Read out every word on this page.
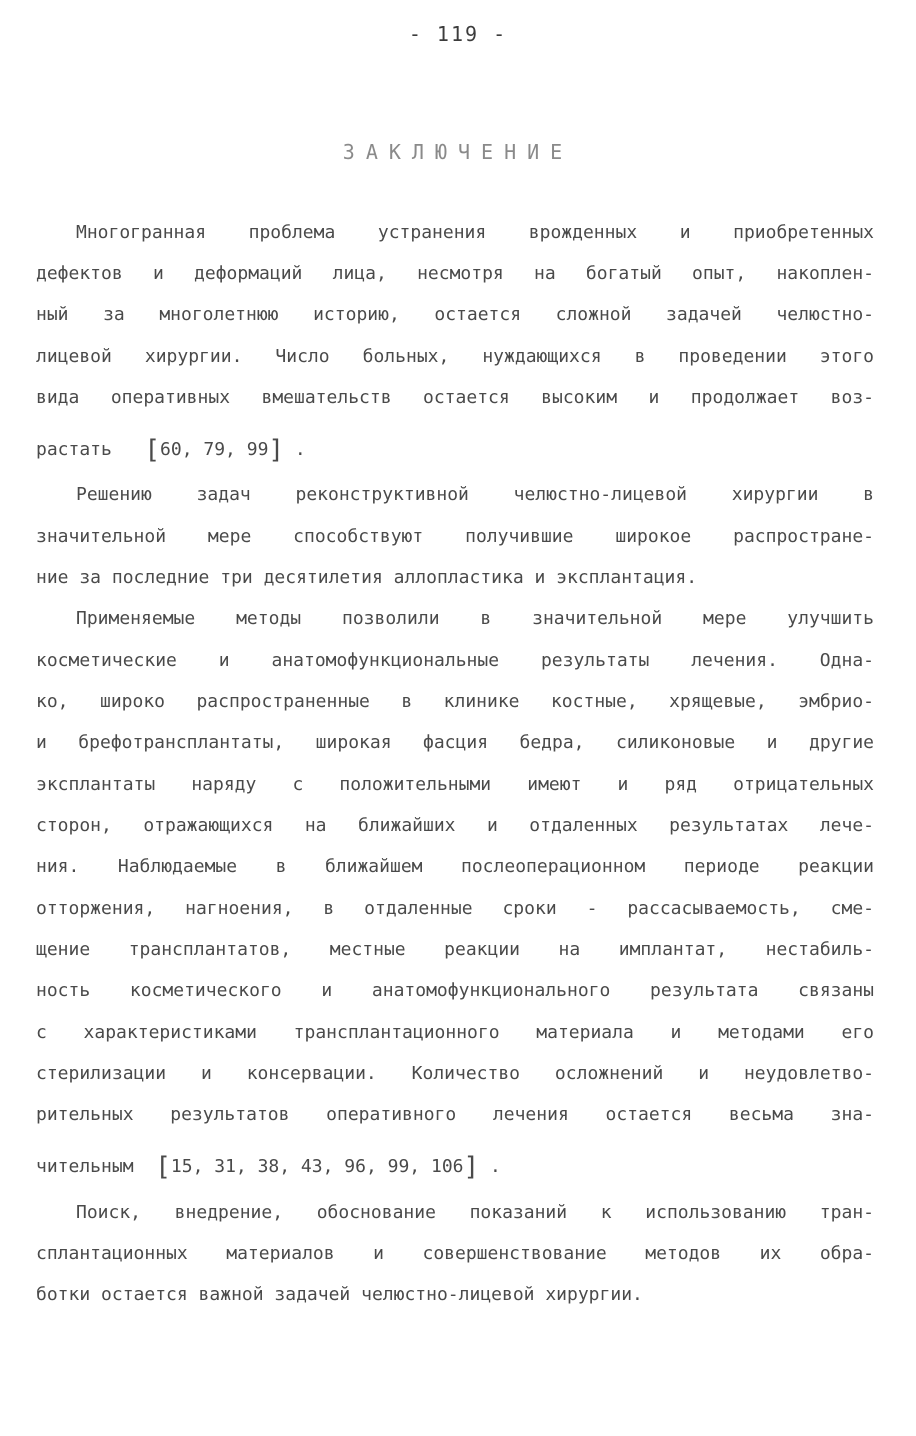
- 119 -
ЗАКЛЮЧЕНИЕ
Многогранная проблема устранения врожденных и приобретенных
дефектов и деформаций лица, несмотря на богатый опыт, накоплен-
ный за многолетнюю историю, остается сложной задачей челюстно-
лицевой хирургии. Число больных, нуждающихся в проведении этого
вида оперативных вмешательств остается высоким и продолжает воз-
растать [60, 79, 99] .
Решению задач реконструктивной челюстно-лицевой хирургии в
значительной мере способствуют получившие широкое распростране-
ние за последние три десятилетия аллопластика и эксплантация.
Применяемые методы позволили в значительной мере улучшить
косметические и анатомофункциональные результаты лечения. Одна-
ко, широко распространенные в клинике костные, хрящевые, эмбрио-
и брефотрансплантаты, широкая фасция бедра, силиконовые и другие
эксплантаты наряду с положительными имеют и ряд отрицательных
сторон, отражающихся на ближайших и отдаленных результатах лече-
ния. Наблюдаемые в ближайшем послеоперационном периоде реакции
отторжения, нагноения, в отдаленные сроки - рассасываемость, сме-
щение трансплантатов, местные реакции на имплантат, нестабиль-
ность косметического и анатомофункционального результата связаны
с характеристиками трансплантационного материала и методами его
стерилизации и консервации. Количество осложнений и неудовлетво-
рительных результатов оперативного лечения остается весьма зна-
чительным [15, 31, 38, 43, 96, 99, 106] .
Поиск, внедрение, обоснование показаний к использованию тран-
сплантационных материалов и совершенствование методов их обра-
ботки остается важной задачей челюстно-лицевой хирургии.
